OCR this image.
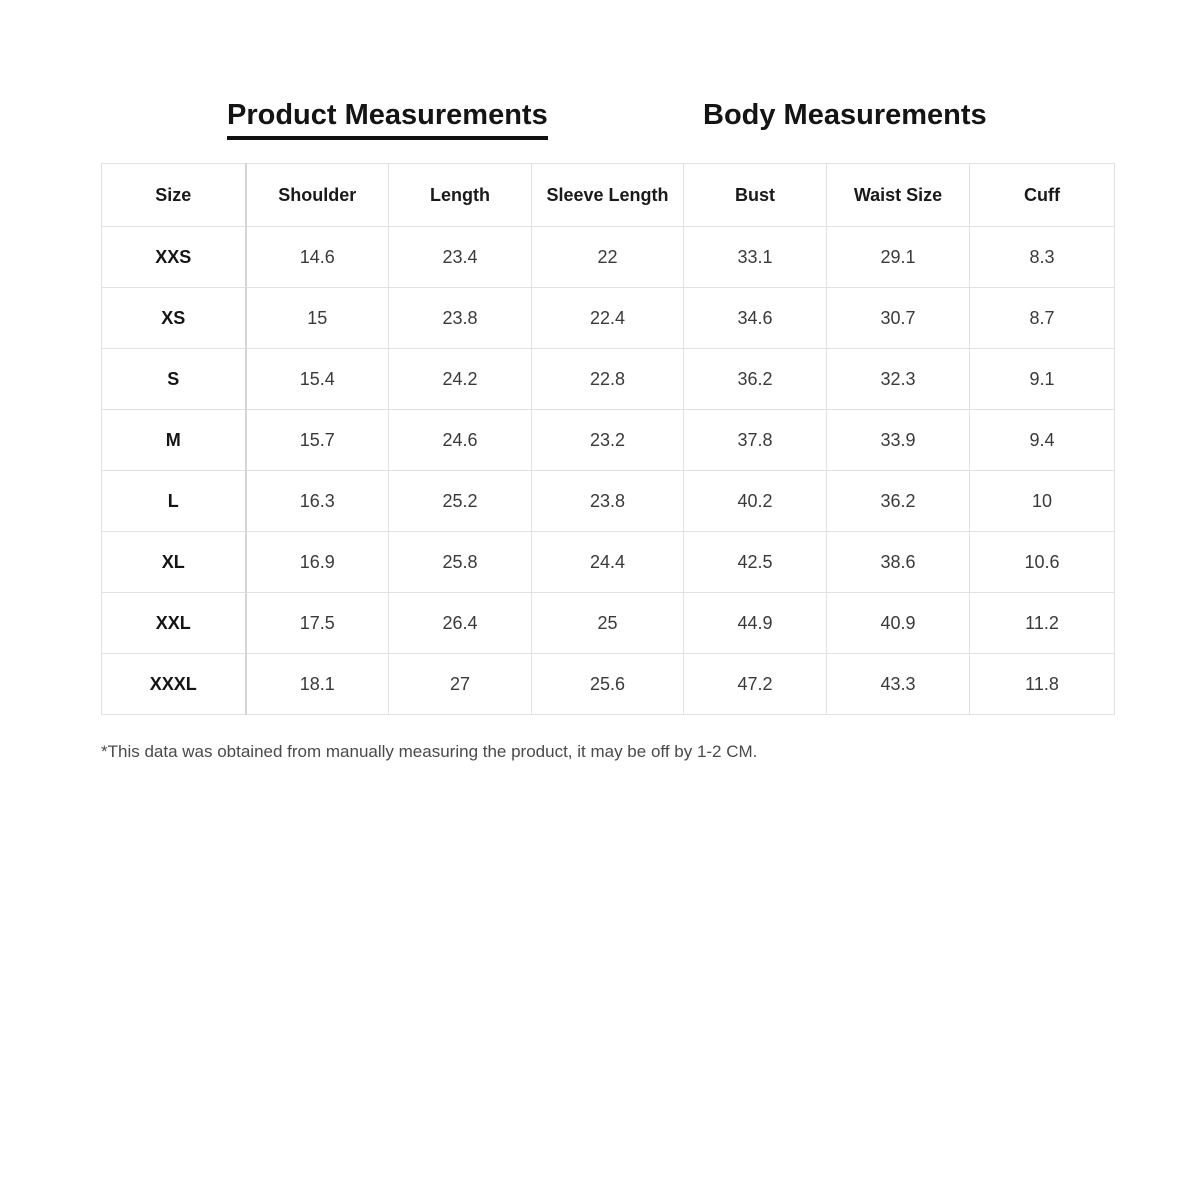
Product Measurements	Body Measurements
Size	Shoulder	Length	Sleeve Length	Bust	Waist Size	Cuff
XXS	14.6	23.4	22	33.1	29.1	8.3
XS	15	23.8	22.4	34.6	30.7	8.7
S	15.4	24.2	22.8	36.2	32.3	9.1
M	15.7	24.6	23.2	37.8	33.9	9.4
L	16.3	25.2	23.8	40.2	36.2	10
XL	16.9	25.8	24.4	42.5	38.6	10.6
XXL	17.5	26.4	25	44.9	40.9	11.2
XXXL	18.1	27	25.6	47.2	43.3	11.8
*This data was obtained from manually measuring the product, it may be off by 1-2 CM.
